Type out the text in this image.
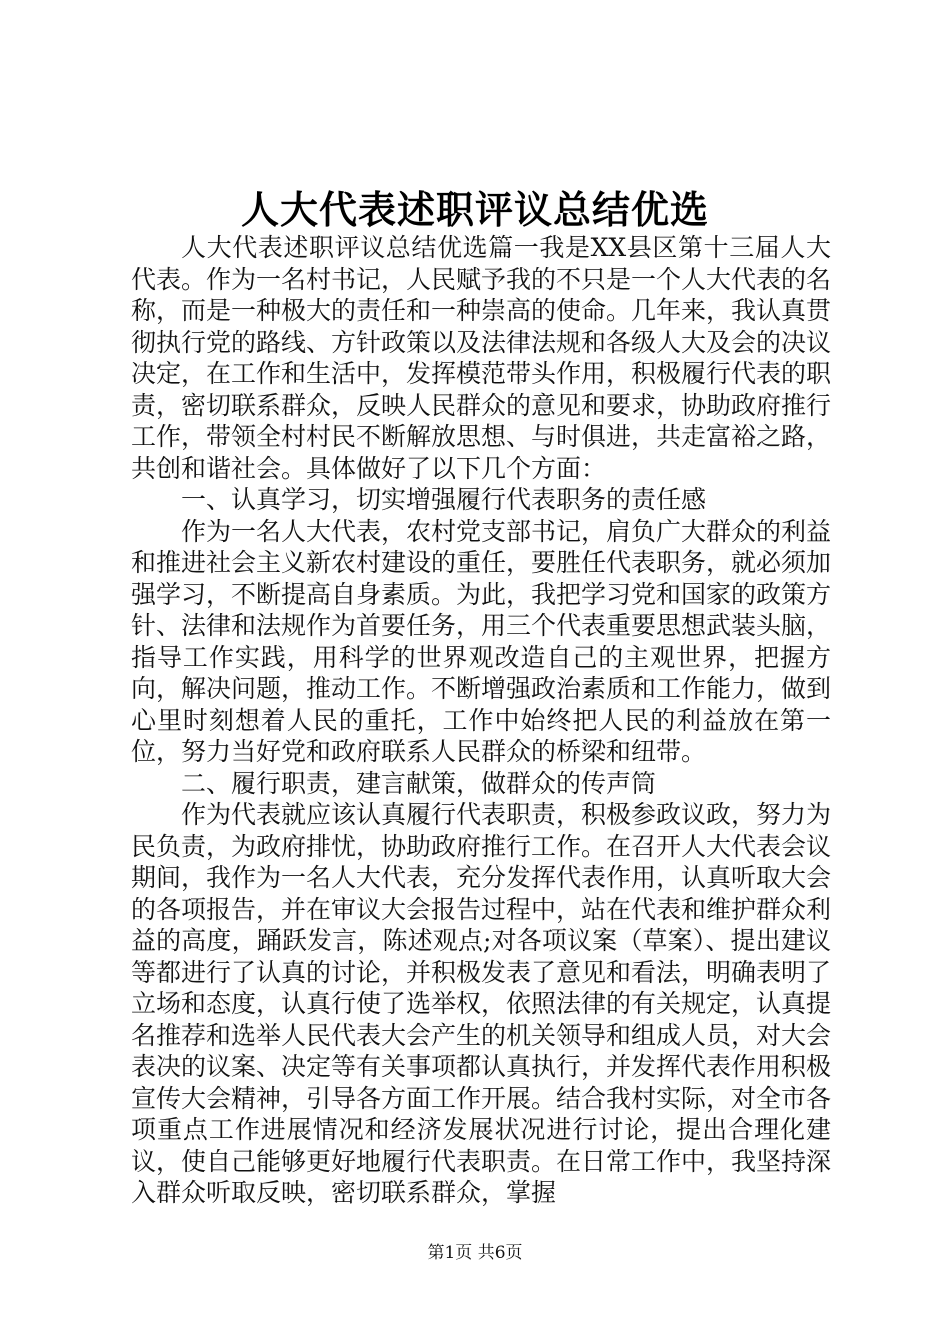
人大代表述职评议总结优选

人大代表述职评议总结优选篇一我是XX县区第十三届人大代表。作为一名村书记，人民赋予我的不只是一个人大代表的名称，而是一种极大的责任和一种崇高的使命。几年来，我认真贯彻执行党的路线、方针政策以及法律法规和各级人大及会的决议决定，在工作和生活中，发挥模范带头作用，积极履行代表的职责，密切联系群众，反映人民群众的意见和要求，协助政府推行工作，带领全村村民不断解放思想、与时俱进，共走富裕之路，共创和谐社会。具体做好了以下几个方面：

一、认真学习，切实增强履行代表职务的责任感

作为一名人大代表，农村党支部书记，肩负广大群众的利益和推进社会主义新农村建设的重任，要胜任代表职务，就必须加强学习，不断提高自身素质。为此，我把学习党和国家的政策方针、法律和法规作为首要任务，用三个代表重要思想武装头脑，指导工作实践，用科学的世界观改造自己的主观世界，把握方向，解决问题，推动工作。不断增强政治素质和工作能力，做到心里时刻想着人民的重托，工作中始终把人民的利益放在第一位，努力当好党和政府联系人民群众的桥梁和纽带。

二、履行职责，建言献策，做群众的传声筒

作为代表就应该认真履行代表职责，积极参政议政，努力为民负责，为政府排忧，协助政府推行工作。在召开人大代表会议期间，我作为一名人大代表，充分发挥代表作用，认真听取大会的各项报告，并在审议大会报告过程中，站在代表和维护群众利益的高度，踊跃发言，陈述观点;对各项议案（草案）、提出建议等都进行了认真的讨论，并积极发表了意见和看法，明确表明了立场和态度，认真行使了选举权，依照法律的有关规定，认真提名推荐和选举人民代表大会产生的机关领导和组成人员，对大会表决的议案、决定等有关事项都认真执行，并发挥代表作用积极宣传大会精神，引导各方面工作开展。结合我村实际，对全市各项重点工作进展情况和经济发展状况进行讨论，提出合理化建议，使自己能够更好地履行代表职责。在日常工作中，我坚持深入群众听取反映，密切联系群众，掌握

第1页 共6页
